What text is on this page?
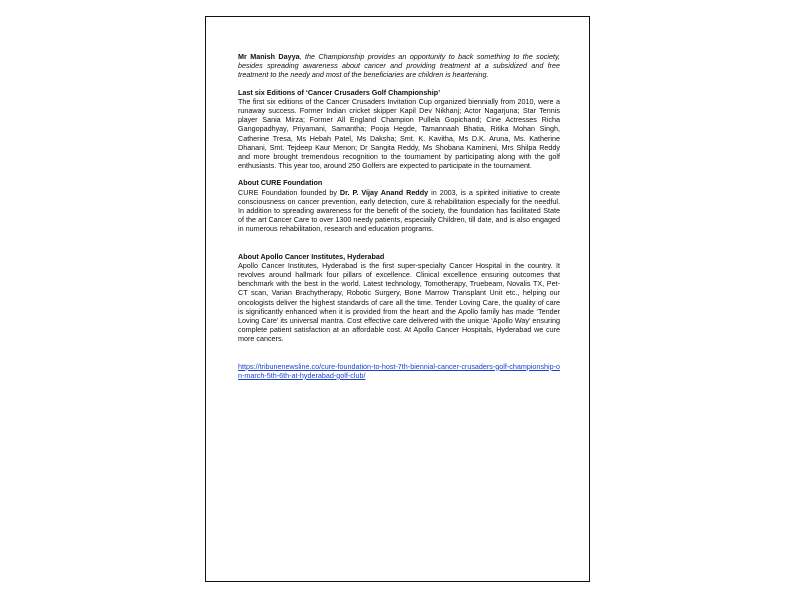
Mr Manish Dayya, the Championship provides an opportunity to back something to the society, besides spreading awareness about cancer and providing treatment at a subsidized and free treatment to the needy and most of the beneficiaries are children is heartening.

Last six Editions of ‘Cancer Crusaders Golf Championship’

The first six editions of the Cancer Crusaders Invitation Cup organized biennially from 2010, were a runaway success. Former Indian cricket skipper Kapil Dev Nikhanj; Actor Nagarjuna; Star Tennis player Sania Mirza; Former All England Champion Pullela Gopichand; Cine Actresses Richa Gangopadhyay, Priyamani, Samantha; Pooja Hegde, Tamannaah Bhatia, Ritika Mohan Singh, Catherine Tresa, Ms Hebah Patel, Ms Daksha; Smt. K. Kavitha, Ms D.K. Aruna, Ms. Katherine Dhanani, Smt. Tejdeep Kaur Menon; Dr Sangita Reddy, Ms Shobana Kamineni, Mrs Shilpa Reddy and more brought tremendous recognition to the tournament by participating along with the golf enthusiasts. This year too, around 250 Golfers are expected to participate in the tournament.

About CURE Foundation

CURE Foundation founded by Dr. P. Vijay Anand Reddy in 2003, is a spirited initiative to create consciousness on cancer prevention, early detection, cure & rehabilitation especially for the needful. In addition to spreading awareness for the benefit of the society, the foundation has facilitated State of the art Cancer Care to over 1300 needy patients, especially Children, till date, and is also engaged in numerous rehabilitation, research and education programs.

About Apollo Cancer Institutes, Hyderabad

Apollo Cancer Institutes, Hyderabad is the first super-specialty Cancer Hospital in the country. It revolves around hallmark four pillars of excellence. Clinical excellence ensuring outcomes that benchmark with the best in the world. Latest technology, Tomotherapy, Truebeam, Novalis TX, Pet-CT scan, Varian Brachytherapy, Robotic Surgery, Bone Marrow Transplant Unit etc., helping our oncologists deliver the highest standards of care all the time. Tender Loving Care, the quality of care is significantly enhanced when it is provided from the heart and the Apollo family has made ‘Tender Loving Care’ its universal mantra. Cost effective care delivered with the unique ‘Apollo Way’ ensuring complete patient satisfaction at an affordable cost. At Apollo Cancer Hospitals, Hyderabad we cure more cancers.

https://tribunenewsline.co/cure-foundation-to-host-7th-biennial-cancer-crusaders-golf-championship-on-march-5th-6th-at-hyderabad-golf-club/
